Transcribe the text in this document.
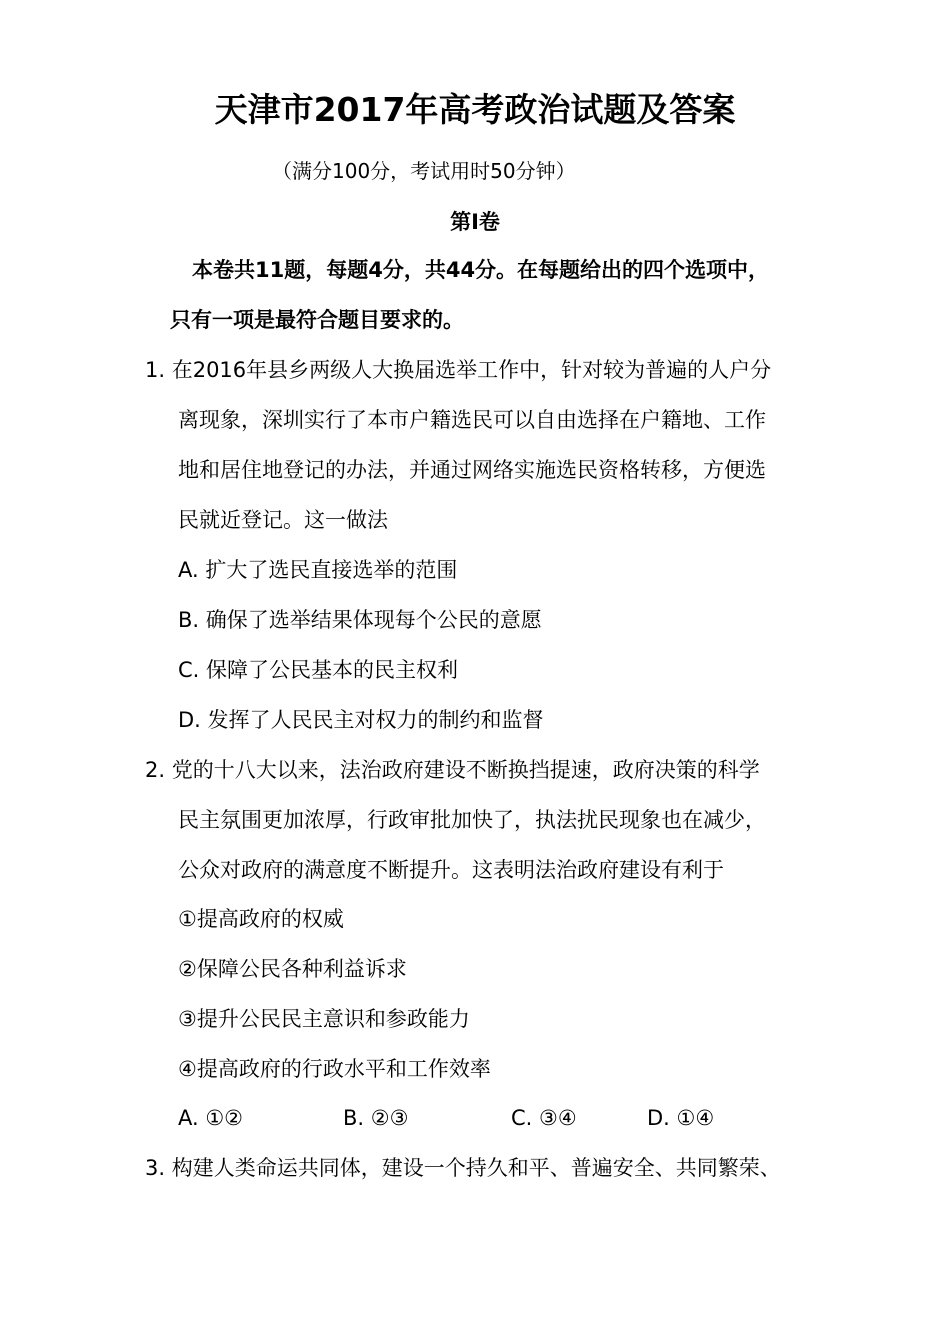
天津市2017年高考政治试题及答案
（满分100分，考试用时50分钟）
第Ⅰ卷
本卷共11题，每题4分，共44分。在每题给出的四个选项中，
只有一项是最符合题目要求的。
1. 在2016年县乡两级人大换届选举工作中，针对较为普遍的人户分
离现象，深圳实行了本市户籍选民可以自由选择在户籍地、工作
地和居住地登记的办法，并通过网络实施选民资格转移，方便选
民就近登记。这一做法
A. 扩大了选民直接选举的范围
B. 确保了选举结果体现每个公民的意愿
C. 保障了公民基本的民主权利
D. 发挥了人民民主对权力的制约和监督
2. 党的十八大以来，法治政府建设不断换挡提速，政府决策的科学
民主氛围更加浓厚，行政审批加快了，执法扰民现象也在减少，
公众对政府的满意度不断提升。这表明法治政府建设有利于
①提高政府的权威
②保障公民各种利益诉求
③提升公民民主意识和参政能力
④提高政府的行政水平和工作效率
A. ①②	B. ②③	C. ③④	D. ①④
3. 构建人类命运共同体，建设一个持久和平、普遍安全、共同繁荣、
